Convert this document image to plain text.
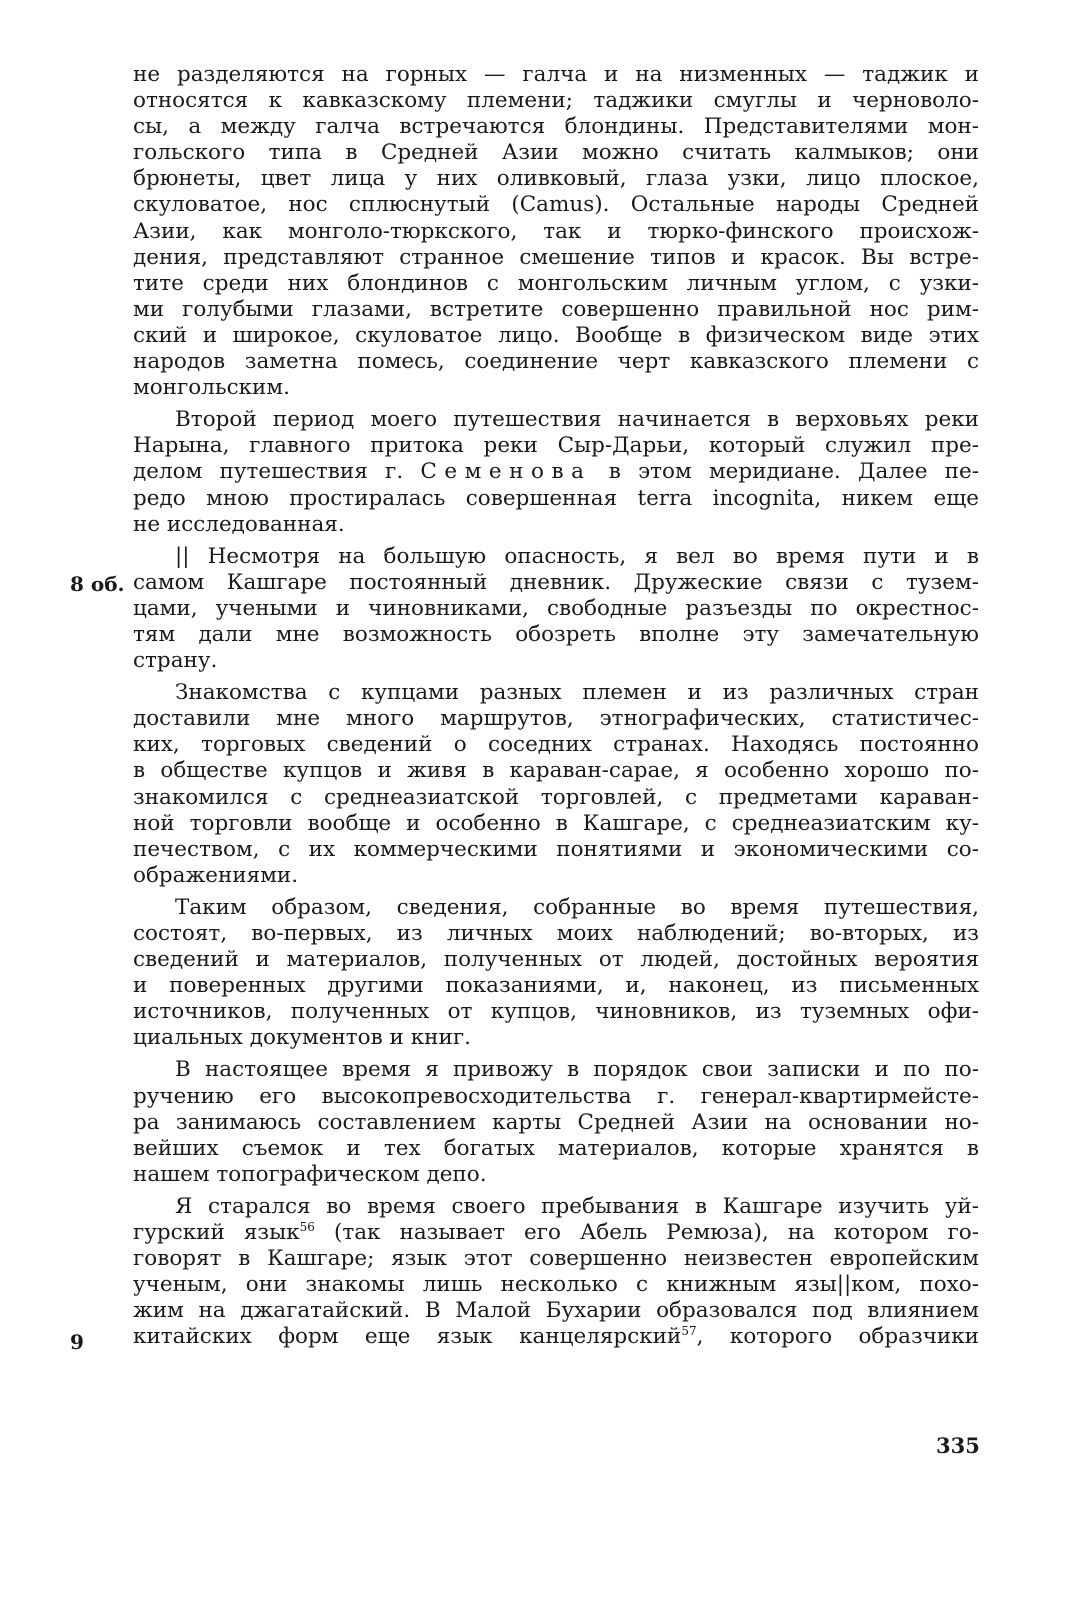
не разделяются на горных — галча и на низменных — таджик и
относятся к кавказскому племени; таджики смуглы и черноволо-
сы, а между галча встречаются блондины. Представителями мон-
гольского типа в Средней Азии можно считать калмыков; они
брюнеты, цвет лица у них оливковый, глаза узки, лицо плоское,
скуловатое, нос сплюснутый (Camus). Остальные народы Средней
Азии, как монголо-тюркского, так и тюрко-финского происхож-
дения, представляют странное смешение типов и красок. Вы встре-
тите среди них блондинов с монгольским личным углом, с узки-
ми голубыми глазами, встретите совершенно правильной нос рим-
ский и широкое, скуловатое лицо. Вообще в физическом виде этих
народов заметна помесь, соединение черт кавказского племени с
монгольским.
Второй период моего путешествия начинается в верховьях реки
Нарына, главного притока реки Сыр-Дарьи, который служил пре-
делом путешествия г. Семенова в этом меридиане. Далее пе-
редо мною простиралась совершенная terra incognita, никем еще
не исследованная.
|| Несмотря на большую опасность, я вел во время пути и в
самом Кашгаре постоянный дневник. Дружеские связи с тузем-
цами, учеными и чиновниками, свободные разъезды по окрестнос-
тям дали мне возможность обозреть вполне эту замечательную
страну.
Знакомства с купцами разных племен и из различных стран
доставили мне много маршрутов, этнографических, статистичес-
ких, торговых сведений о соседних странах. Находясь постоянно
в обществе купцов и живя в караван-сарае, я особенно хорошо по-
знакомился с среднеазиатской торговлей, с предметами караван-
ной торговли вообще и особенно в Кашгаре, с среднеазиатским ку-
печеством, с их коммерческими понятиями и экономическими со-
ображениями.
Таким образом, сведения, собранные во время путешествия,
состоят, во-первых, из личных моих наблюдений; во-вторых, из
сведений и материалов, полученных от людей, достойных вероятия
и поверенных другими показаниями, и, наконец, из письменных
источников, полученных от купцов, чиновников, из туземных офи-
циальных документов и книг.
В настоящее время я привожу в порядок свои записки и по по-
ручению его высокопревосходительства г. генерал-квартирмейсте-
ра занимаюсь составлением карты Средней Азии на основании но-
вейших съемок и тех богатых материалов, которые хранятся в
нашем топографическом депо.
Я старался во время своего пребывания в Кашгаре изучить уй-
гурский язык$^{56}$ (так называет его Абель Ремюза), на котором го-
говорят в Кашгаре; язык этот совершенно неизвестен европейским
ученым, они знакомы лишь несколько с книжным язы||ком, похо-
жим на джагатайский. В Малой Бухарии образовался под влиянием
китайских форм еще язык канцелярский$^{57}$, которого образчики
8 об.
9
335
